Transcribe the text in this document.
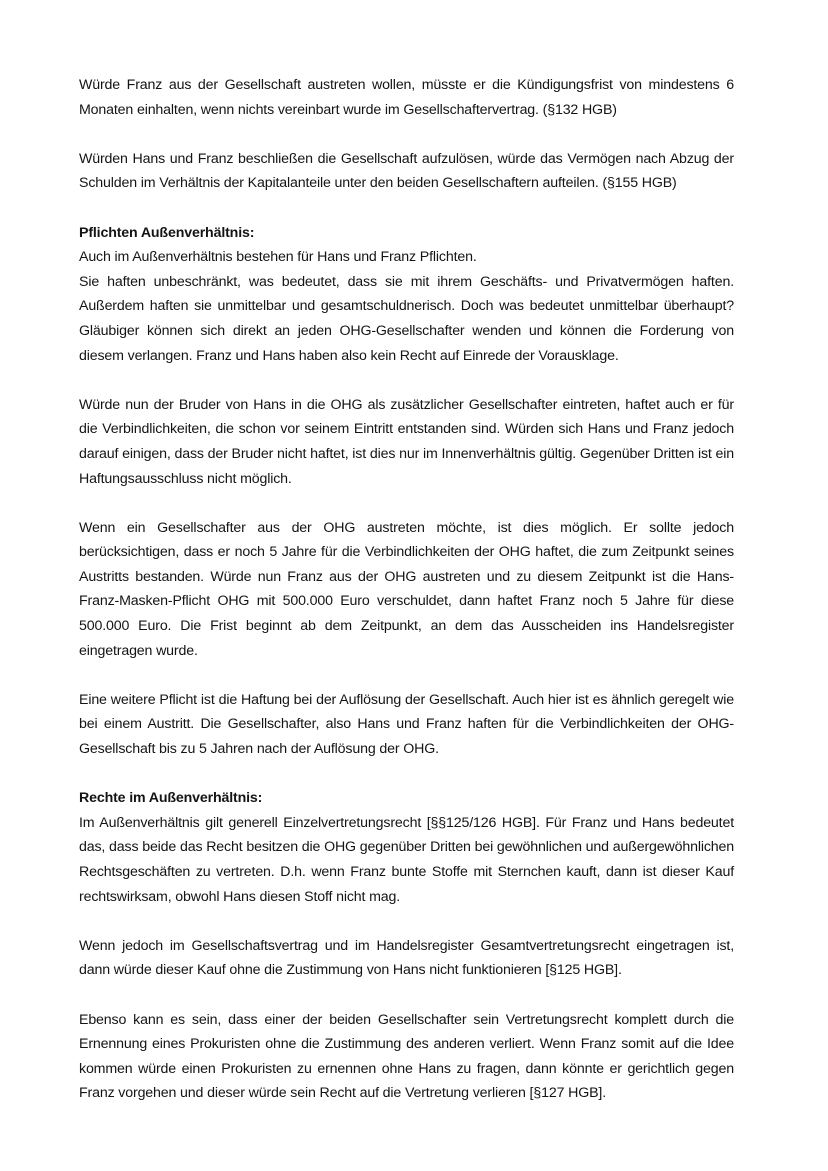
Würde Franz aus der Gesellschaft austreten wollen, müsste er die Kündigungsfrist von mindestens 6 Monaten einhalten, wenn nichts vereinbart wurde im Gesellschaftervertrag. (§132 HGB)

Würden Hans und Franz beschließen die Gesellschaft aufzulösen, würde das Vermögen nach Abzug der Schulden im Verhältnis der Kapitalanteile unter den beiden Gesellschaftern aufteilen. (§155 HGB)

Pflichten Außenverhältnis:

Auch im Außenverhältnis bestehen für Hans und Franz Pflichten.

Sie haften unbeschränkt, was bedeutet, dass sie mit ihrem Geschäfts- und Privatvermögen haften. Außerdem haften sie unmittelbar und gesamtschuldnerisch. Doch was bedeutet unmittelbar überhaupt? Gläubiger können sich direkt an jeden OHG-Gesellschafter wenden und können die Forderung von diesem verlangen. Franz und Hans haben also kein Recht auf Einrede der Vorausklage.

Würde nun der Bruder von Hans in die OHG als zusätzlicher Gesellschafter eintreten, haftet auch er für die Verbindlichkeiten, die schon vor seinem Eintritt entstanden sind. Würden sich Hans und Franz jedoch darauf einigen, dass der Bruder nicht haftet, ist dies nur im Innenverhältnis gültig. Gegenüber Dritten ist ein Haftungsausschluss nicht möglich.

Wenn ein Gesellschafter aus der OHG austreten möchte, ist dies möglich. Er sollte jedoch berücksichtigen, dass er noch 5 Jahre für die Verbindlichkeiten der OHG haftet, die zum Zeitpunkt seines Austritts bestanden. Würde nun Franz aus der OHG austreten und zu diesem Zeitpunkt ist die Hans-Franz-Masken-Pflicht OHG mit 500.000 Euro verschuldet, dann haftet Franz noch 5 Jahre für diese 500.000 Euro. Die Frist beginnt ab dem Zeitpunkt, an dem das Ausscheiden ins Handelsregister eingetragen wurde.

Eine weitere Pflicht ist die Haftung bei der Auflösung der Gesellschaft. Auch hier ist es ähnlich geregelt wie bei einem Austritt. Die Gesellschafter, also Hans und Franz haften für die Verbindlichkeiten der OHG-Gesellschaft bis zu 5 Jahren nach der Auflösung der OHG.

Rechte im Außenverhältnis:

Im Außenverhältnis gilt generell Einzelvertretungsrecht [§§125/126 HGB]. Für Franz und Hans bedeutet das, dass beide das Recht besitzen die OHG gegenüber Dritten bei gewöhnlichen und außergewöhnlichen Rechtsgeschäften zu vertreten. D.h. wenn Franz bunte Stoffe mit Sternchen kauft, dann ist dieser Kauf rechtswirksam, obwohl Hans diesen Stoff nicht mag.

Wenn jedoch im Gesellschaftsvertrag und im Handelsregister Gesamtvertretungsrecht eingetragen ist, dann würde dieser Kauf ohne die Zustimmung von Hans nicht funktionieren [§125 HGB].

Ebenso kann es sein, dass einer der beiden Gesellschafter sein Vertretungsrecht komplett durch die Ernennung eines Prokuristen ohne die Zustimmung des anderen verliert. Wenn Franz somit auf die Idee kommen würde einen Prokuristen zu ernennen ohne Hans zu fragen, dann könnte er gerichtlich gegen Franz vorgehen und dieser würde sein Recht auf die Vertretung verlieren [§127 HGB].
